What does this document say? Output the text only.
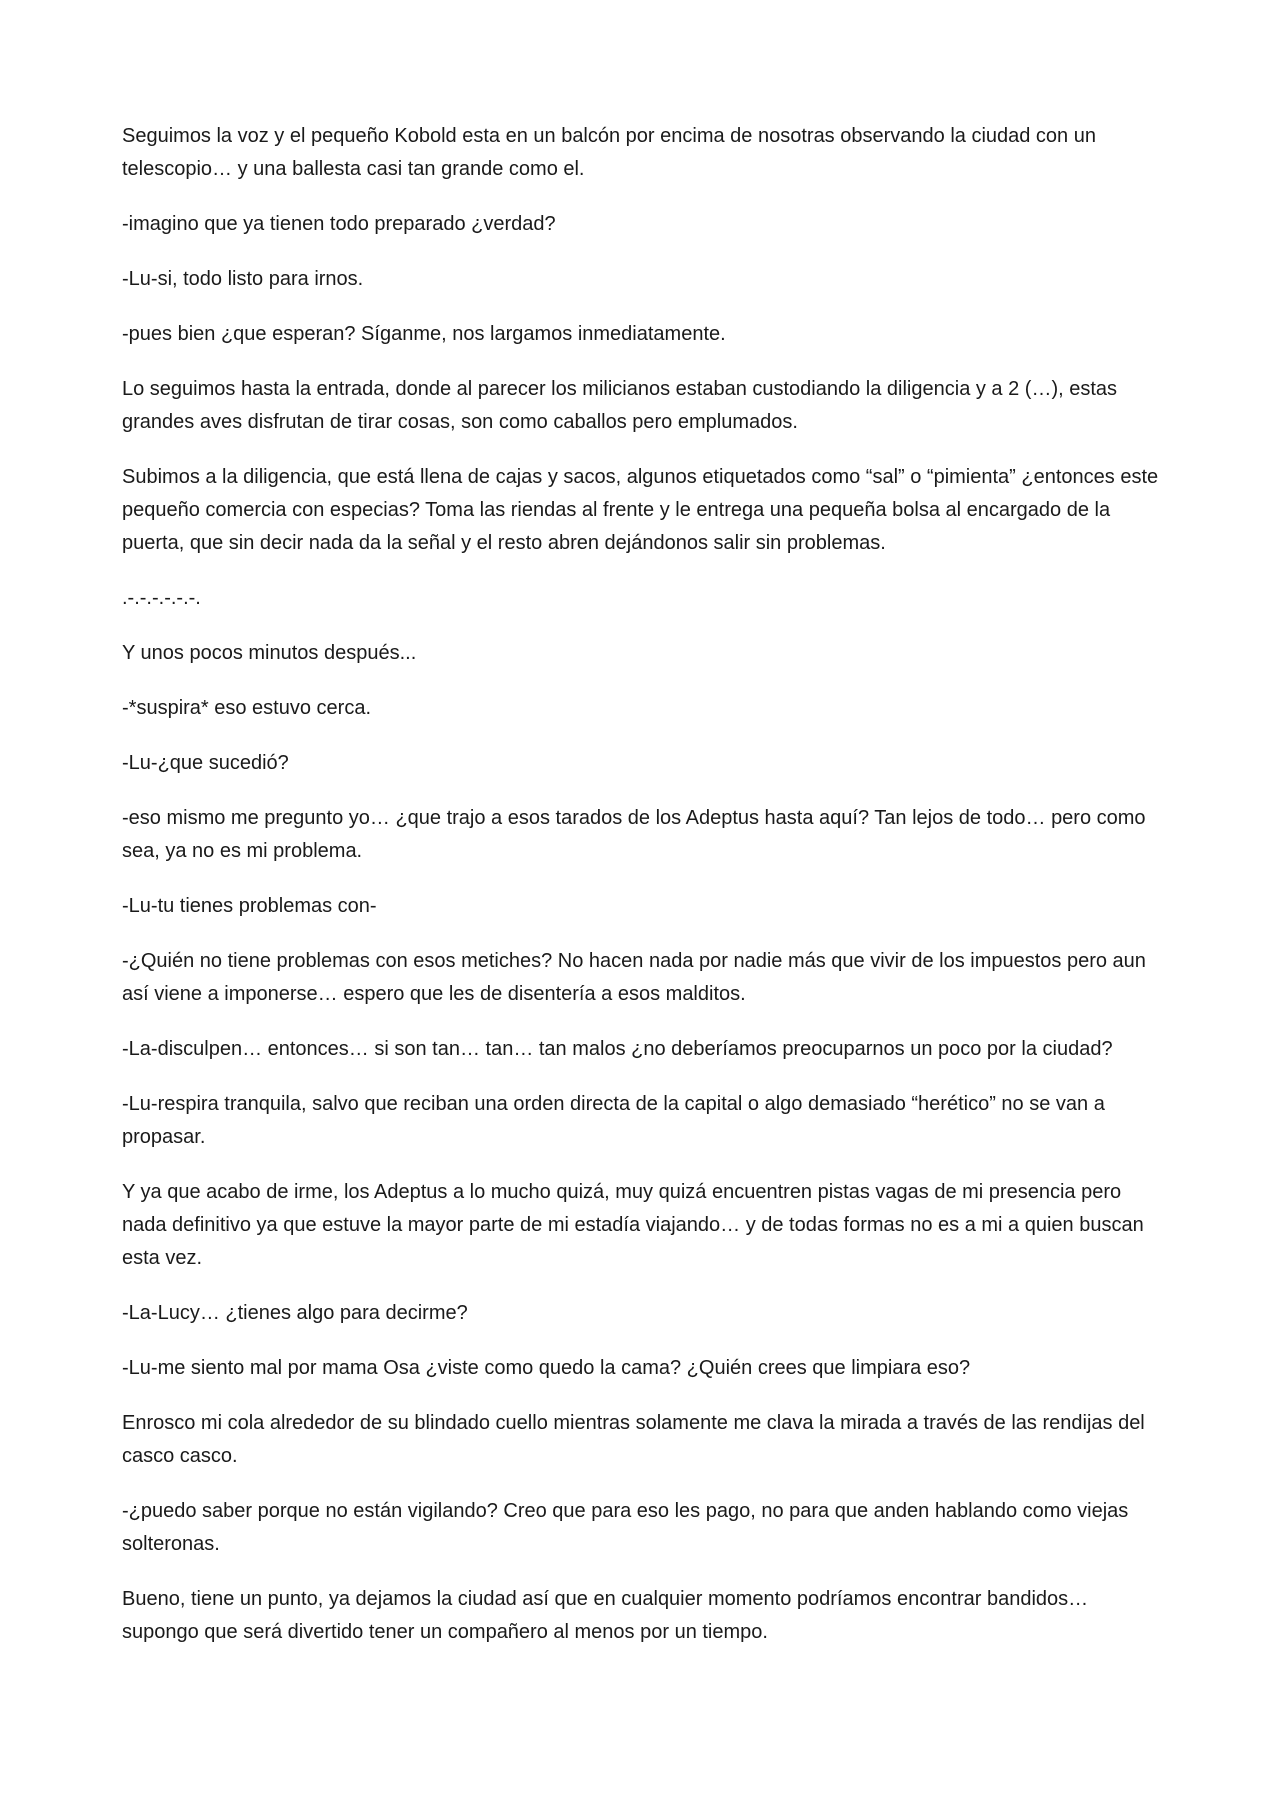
Seguimos la voz y el pequeño Kobold esta en un balcón por encima de nosotras observando la ciudad con un telescopio… y una ballesta casi tan grande como el.

-imagino que ya tienen todo preparado ¿verdad?

-Lu-si, todo listo para irnos.

-pues bien ¿que esperan? Síganme, nos largamos inmediatamente.

Lo seguimos hasta la entrada, donde al parecer los milicianos estaban custodiando la diligencia y a 2 (…), estas grandes aves disfrutan de tirar cosas, son como caballos pero emplumados.

Subimos a la diligencia, que está llena de cajas y sacos, algunos etiquetados como “sal” o “pimienta” ¿entonces este pequeño comercia con especias? Toma las riendas al frente y le entrega una pequeña bolsa al encargado de la puerta, que sin decir nada da la señal y el resto abren dejándonos salir sin problemas.

.-.-.-.-.-.-.

Y unos pocos minutos después...

-*suspira* eso estuvo cerca.

-Lu-¿que sucedió?

-eso mismo me pregunto yo… ¿que trajo a esos tarados de los Adeptus hasta aquí? Tan lejos de todo… pero como sea, ya no es mi problema.

-Lu-tu tienes problemas con-

-¿Quién no tiene problemas con esos metiches? No hacen nada por nadie más que vivir de los impuestos pero aun así viene a imponerse… espero que les de disentería a esos malditos.

-La-disculpen… entonces… si son tan… tan… tan malos ¿no deberíamos preocuparnos un poco por la ciudad?

-Lu-respira tranquila, salvo que reciban una orden directa de la capital o algo demasiado “herético” no se van a propasar.

Y ya que acabo de irme, los Adeptus a lo mucho quizá, muy quizá encuentren pistas vagas de mi presencia pero nada definitivo ya que estuve la mayor parte de mi estadía viajando… y de todas formas no es a mi a quien buscan esta vez.

-La-Lucy… ¿tienes algo para decirme?

-Lu-me siento mal por mama Osa ¿viste como quedo la cama? ¿Quién crees que limpiara eso?

Enrosco mi cola alrededor de su blindado cuello mientras solamente me clava la mirada a través de las rendijas del casco casco.

-¿puedo saber porque no están vigilando? Creo que para eso les pago, no para que anden hablando como viejas solteronas.

Bueno, tiene un punto, ya dejamos la ciudad así que en cualquier momento podríamos encontrar bandidos… supongo que será divertido tener un compañero al menos por un tiempo.
